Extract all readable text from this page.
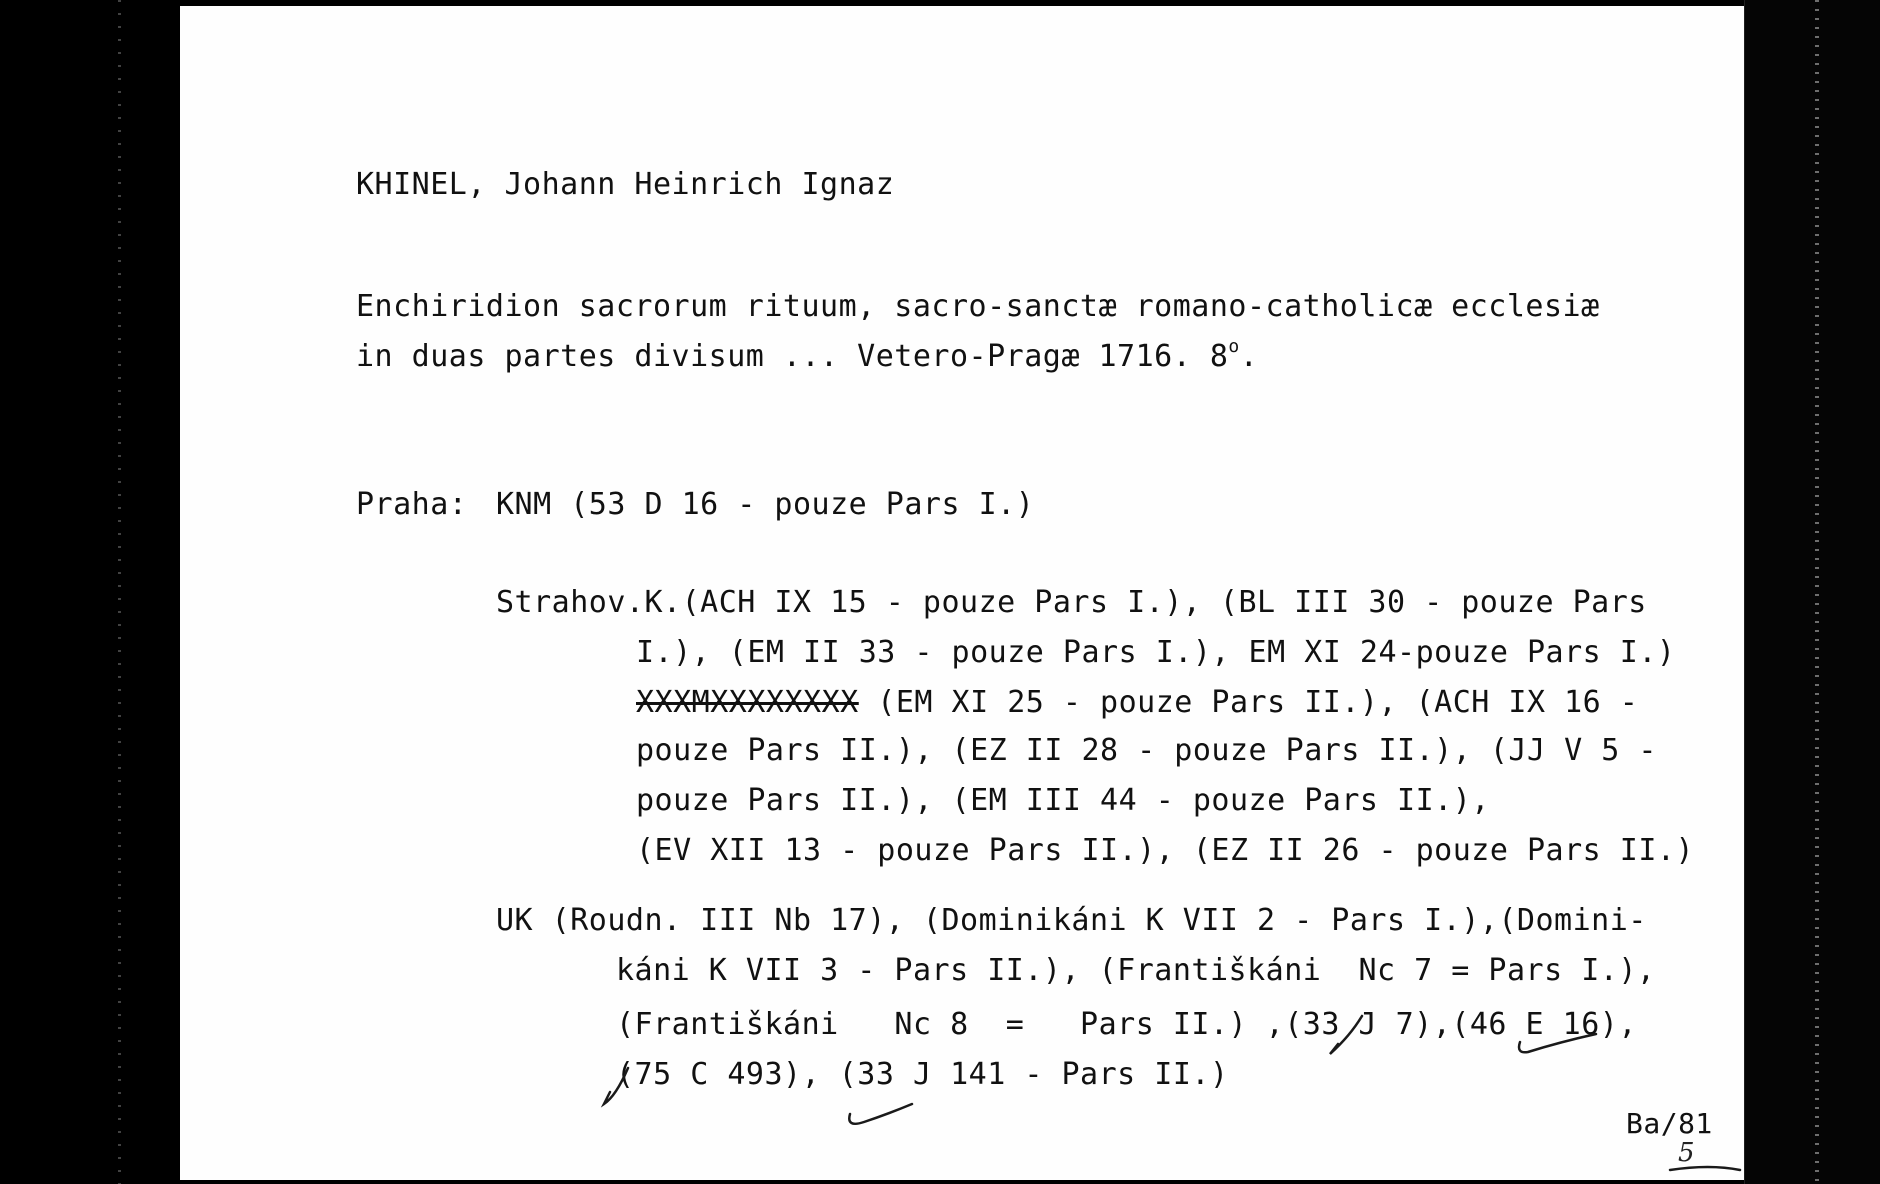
KHINEL, Johann Heinrich Ignaz
Enchiridion sacrorum rituum, sacro-sanctæ romano-catholicæ ecclesiæ
in duas partes divisum ... Vetero-Pragæ 1716. 8$^o$.
Praha: KNM (53 D 16 - pouze Pars I.)
Strahov.K.(ACH IX 15 - pouze Pars I.), (BL III 30 - pouze Pars
I.), (EM II 33 - pouze Pars I.), EM XI 24-pouze Pars I.)
XXXMXXXXXXXX (EM XI 25 - pouze Pars II.), (ACH IX 16 -
pouze Pars II.), (EZ II 28 - pouze Pars II.), (JJ V 5 -
pouze Pars II.), (EM III 44 - pouze Pars II.),
(EV XII 13 - pouze Pars II.), (EZ II 26 - pouze Pars II.)
UK (Roudn. III Nb 17), (Dominikáni K VII 2 - Pars I.),(Domini-
káni K VII 3 - Pars II.), (Františkáni  Nc 7 = Pars I.),
(Františkáni   Nc 8  =   Pars II.) ,(33 J 7),(46 E 16),
(75 C 493), (33 J 141 - Pars II.)
Ba/81
5
